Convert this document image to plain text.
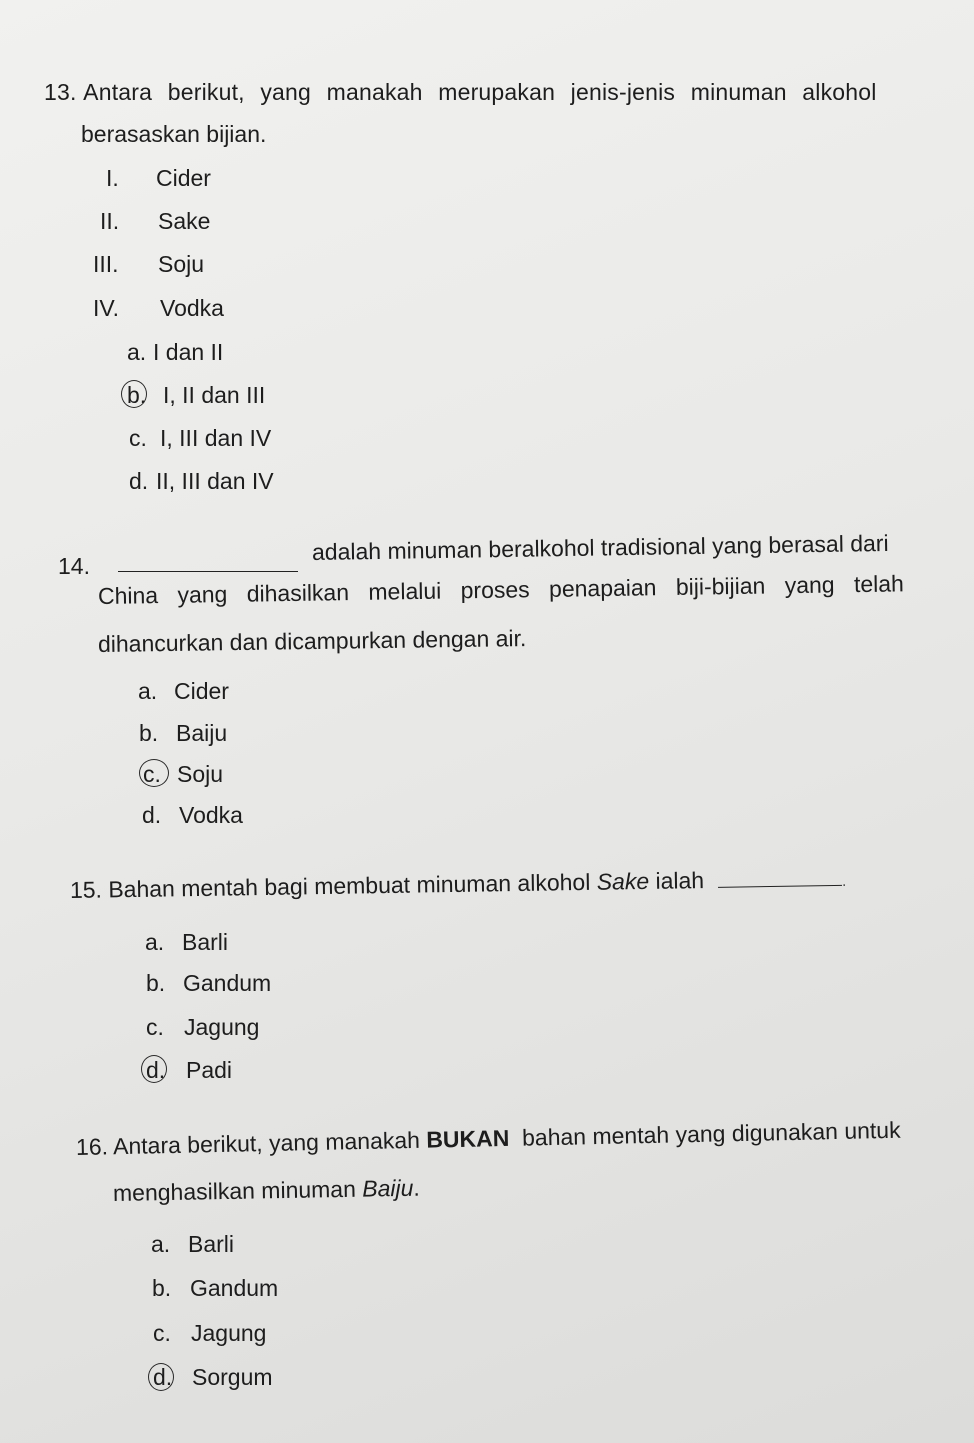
13. Antara berikut, yang manakah merupakan jenis-jenis minuman alkohol
berasaskan bijian.
I. Cider
II. Sake
III. Soju
IV. Vodka
a. I dan II
b. I, II dan III
c. I, III dan IV
d. II, III dan IV
14.
adalah minuman beralkohol tradisional yang berasal dari
China yang dihasilkan melalui proses penapaian biji-bijian yang telah
dihancurkan dan dicampurkan dengan air.
a. Cider
b. Baiju
c. Soju
d. Vodka
15. Bahan mentah bagi membuat minuman alkohol Sake ialah	.
a. Barli
b. Gandum
c. Jagung
d. Padi
16. Antara berikut, yang manakah BUKAN  bahan mentah yang digunakan untuk
menghasilkan minuman Baiju.
a. Barli
b. Gandum
c. Jagung
d. Sorgum
